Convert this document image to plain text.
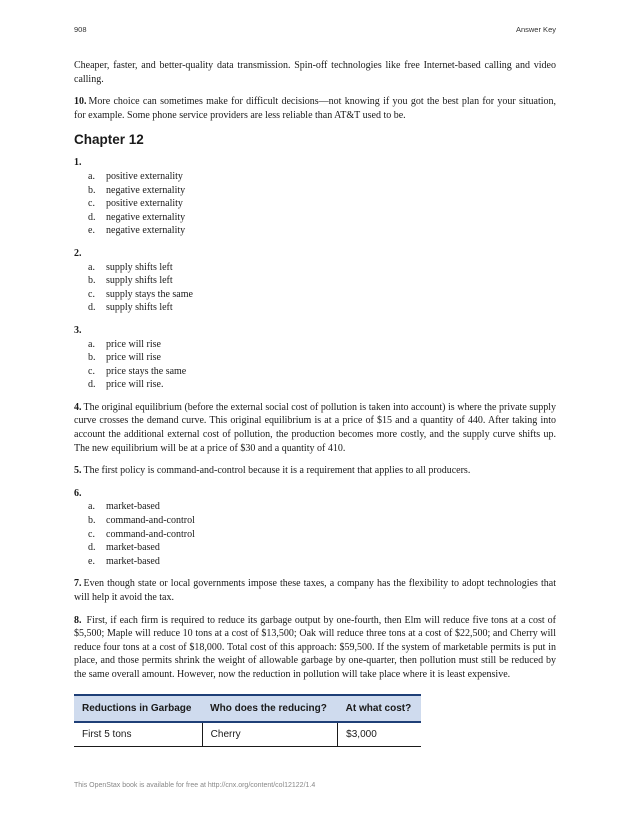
908	Answer Key

Cheaper, faster, and better-quality data transmission. Spin-off technologies like free Internet-based calling and video calling.

10. More choice can sometimes make for difficult decisions—not knowing if you got the best plan for your situation, for example. Some phone service providers are less reliable than AT&T used to be.

Chapter 12
1.
a.	positive externality
b.	negative externality
c.	positive externality
d.	negative externality
e.	negative externality
2.
a.	supply shifts left
b.	supply shifts left
c.	supply stays the same
d.	supply shifts left
3.
a.	price will rise
b.	price will rise
c.	price stays the same
d.	price will rise.

4. The original equilibrium (before the external social cost of pollution is taken into account) is where the private supply curve crosses the demand curve. This original equilibrium is at a price of $15 and a quantity of 440. After taking into account the additional external cost of pollution, the production becomes more costly, and the supply curve shifts up. The new equilibrium will be at a price of $30 and a quantity of 410.

5. The first policy is command-and-control because it is a requirement that applies to all producers.

6.
a.	market-based
b.	command-and-control
c.	command-and-control
d.	market-based
e.	market-based

7. Even though state or local governments impose these taxes, a company has the flexibility to adopt technologies that will help it avoid the tax.

8. First, if each firm is required to reduce its garbage output by one-fourth, then Elm will reduce five tons at a cost of $5,500; Maple will reduce 10 tons at a cost of $13,500; Oak will reduce three tons at a cost of $22,500; and Cherry will reduce four tons at a cost of $18,000. Total cost of this approach: $59,500. If the system of marketable permits is put in place, and those permits shrink the weight of allowable garbage by one-quarter, then pollution must still be reduced by the same overall amount. However, now the reduction in pollution will take place where it is least expensive.

Reductions in Garbage	Who does the reducing?	At what cost?
First 5 tons	Cherry	$3,000
This OpenStax book is available for free at http://cnx.org/content/col12122/1.4
